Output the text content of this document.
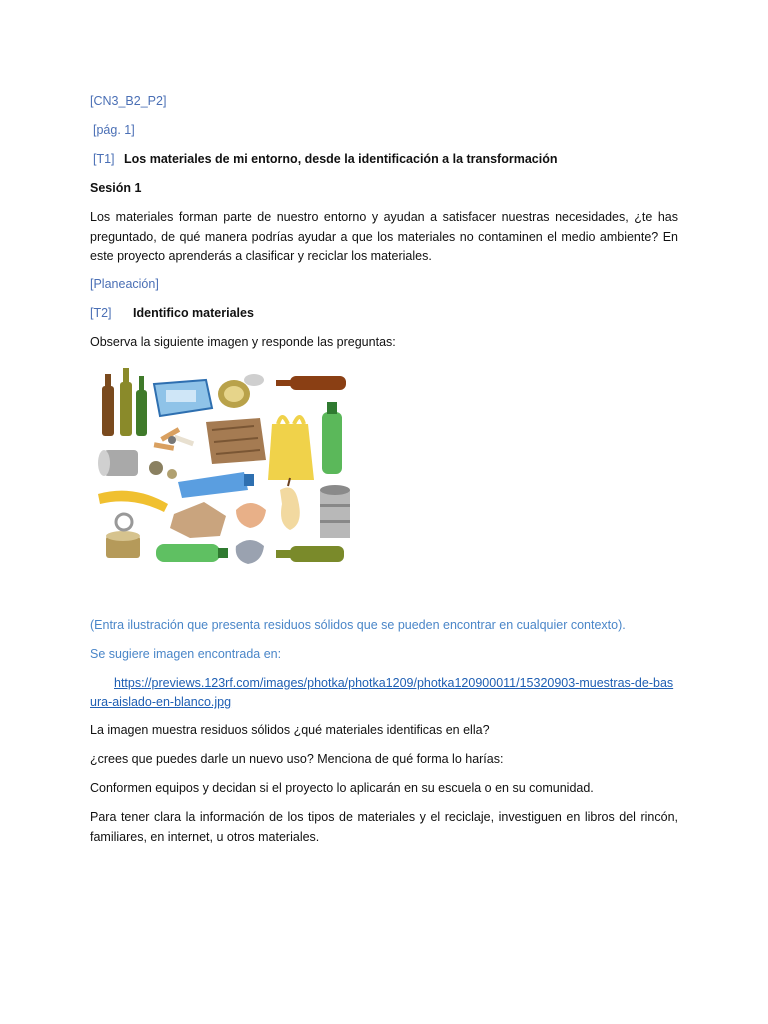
[CN3_B2_P2]
[pág. 1]
[T1] Los materiales de mi entorno, desde la identificación a la transformación
Sesión 1
Los materiales forman parte de nuestro entorno y ayudan a satisfacer nuestras necesidades, ¿te has preguntado, de qué manera podrías ayudar a que los materiales no contaminen el medio ambiente? En este proyecto aprenderás a clasificar y reciclar los materiales.
[Planeación]
[T2] Identifico materiales
Observa la siguiente imagen y responde las preguntas:
(Entra ilustración que presenta residuos sólidos que se pueden encontrar en cualquier contexto).
Se sugiere imagen encontrada en:
https://previews.123rf.com/images/photka/photka1209/photka120900011/15320903-muestras-de-basura-aislado-en-blanco.jpg
La imagen muestra residuos sólidos ¿qué materiales identificas en ella?
¿crees que puedes darle un nuevo uso? Menciona de qué forma lo harías:
Conformen equipos y decidan si el proyecto lo aplicarán en su escuela o en su comunidad.
Para tener clara la información de los tipos de materiales y el reciclaje, investiguen en libros del rincón, familiares, en internet, u otros materiales.
